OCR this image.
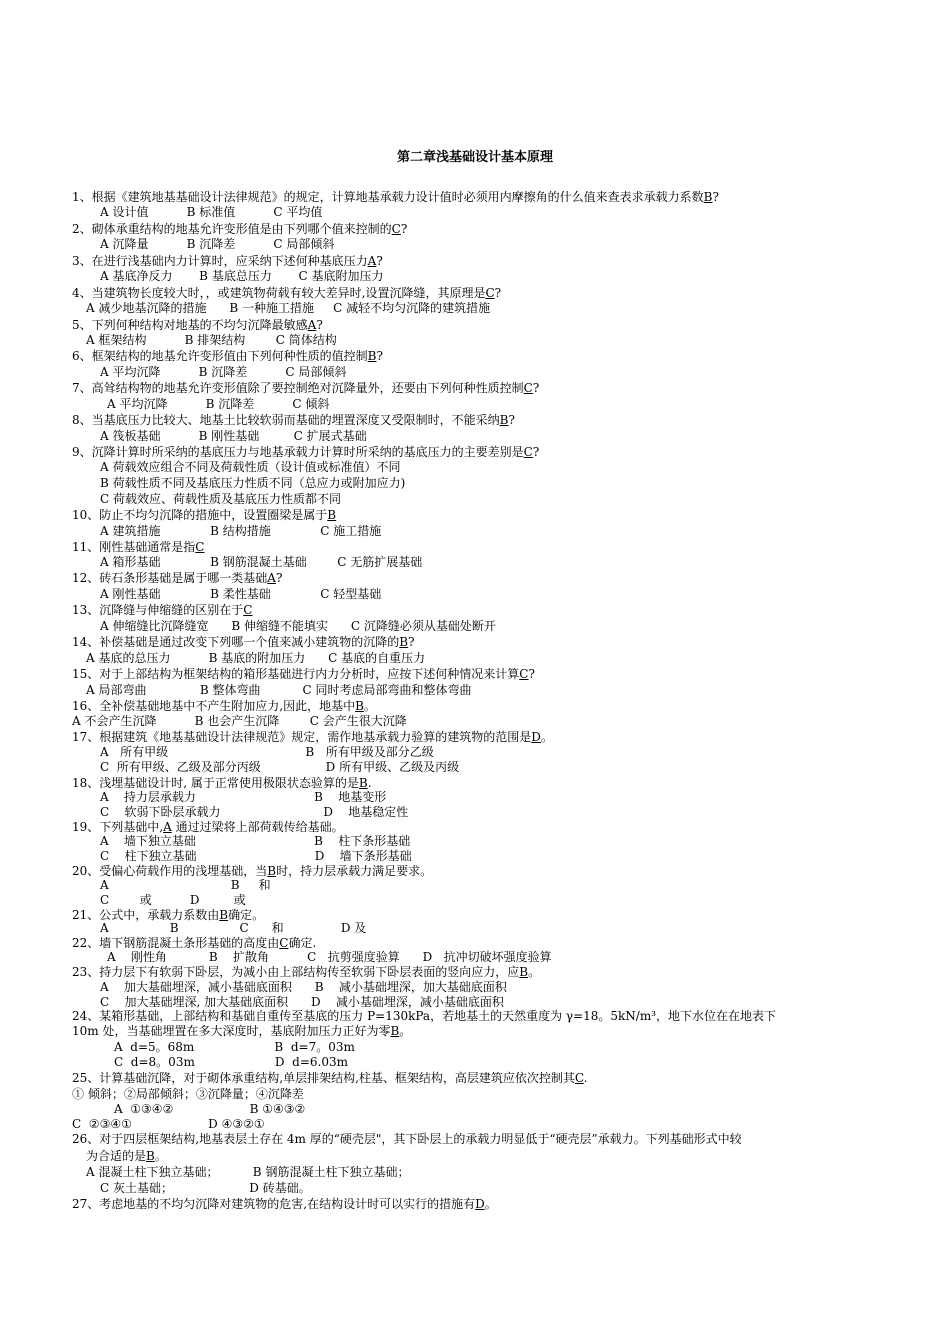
第二章浅基础设计基本原理
1、根据《建筑地基基础设计法律规范》的规定，计算地基承载力设计值时必须用内摩擦角的什么值来查表求承载力系数B?
A 设计值          B 标准值          C 平均值
2、砌体承重结构的地基允许变形值是由下列哪个值来控制的C?
A 沉降量          B 沉降差          C 局部倾斜
3、在进行浅基础内力计算时，应采纳下述何种基底压力A?
A 基底净反力       B 基底总压力       C 基底附加压力
4、当建筑物长度较大时，，或建筑物荷载有较大差异时,设置沉降缝，其原理是C?
A 减少地基沉降的措施      B 一种施工措施     C 减轻不均匀沉降的建筑措施
5、下列何种结构对地基的不均匀沉降最敏感A?
A 框架结构          B 排架结构        C 筒体结构
6、框架结构的地基允许变形值由下列何种性质的值控制B?
A 平均沉降          B 沉降差          C 局部倾斜
7、高耸结构物的地基允许变形值除了要控制绝对沉降量外，还要由下列何种性质控制C?
A 平均沉降          B 沉降差          C 倾斜
8、当基底压力比较大、地基土比较软弱而基础的埋置深度又受限制时，不能采纳B?
A 筏板基础          B 刚性基础         C 扩展式基础
9、沉降计算时所采纳的基底压力与地基承载力计算时所采纳的基底压力的主要差别是C?
A 荷载效应组合不同及荷载性质（设计值或标准值）不同
B 荷载性质不同及基底压力性质不同（总应力或附加应力)
C 荷载效应、荷载性质及基底压力性质都不同
10、防止不均匀沉降的措施中，设置圈梁是属于B
A 建筑措施             B 结构措施             C 施工措施
11、刚性基础通常是指C
A 箱形基础             B 钢筋混凝土基础        C 无筋扩展基础
12、砖石条形基础是属于哪一类基础A?
A 刚性基础             B 柔性基础             C 轻型基础
13、沉降缝与伸缩缝的区别在于C
A 伸缩缝比沉降缝宽      B 伸缩缝不能填实      C 沉降缝必须从基础处断开
14、补偿基础是通过改变下列哪一个值来减小建筑物的沉降的B?
A 基底的总压力          B 基底的附加压力      C 基底的自重压力
15、对于上部结构为框架结构的箱形基础进行内力分析时，应按下述何种情况来计算C?
A 局部弯曲              B 整体弯曲           C 同时考虑局部弯曲和整体弯曲
16、全补偿基础地基中不产生附加应力,因此，地基中B。
A 不会产生沉降          B 也会产生沉降        C 会产生很大沉降
17、根据建筑《地基基础设计法律规范》规定，需作地基承载力验算的建筑物的范围是D。
A   所有甲级                                    B   所有甲级及部分乙级
C  所有甲级、乙级及部分丙级                 D 所有甲级、乙级及丙级
18、浅埋基础设计时, 属于正常使用极限状态验算的是B.
A    持力层承载力                               B    地基变形
C    软弱下卧层承载力                           D    地基稳定性
19、下列基础中,A 通过过梁将上部荷载传给基础。
A    墙下独立基础                               B    柱下条形基础
C    柱下独立基础                               D    墙下条形基础
20、受偏心荷载作用的浅埋基础，当B时，持力层承载力满足要求。
A                                B     和
C        或          D         或
21、公式中，承载力系数由B确定。
A                B                C      和               D 及
22、墙下钢筋混凝土条形基础的高度由C确定.
A    刚性角           B    扩散角          C   抗剪强度验算      D   抗冲切破坏强度验算
23、持力层下有软弱下卧层，为减小由上部结构传至软弱下卧层表面的竖向应力，应B。
A    加大基础埋深，减小基础底面积      B    减小基础埋深，加大基础底面积
C    加大基础埋深, 加大基础底面积      D    减小基础埋深，减小基础底面积
24、某箱形基础，上部结构和基础自重传至基底的压力 P=130kPa，若地基土的天然重度为 γ=18。5kN/m³，地下水位在在地表下
10m 处，当基础埋置在多大深度时，基底附加压力正好为零B。
A  d=5。68m                     B  d=7。03m
C  d=8。03m                     D  d=6.03m
25、计算基础沉降，对于砌体承重结构,单层排架结构,柱基、框架结构，高层建筑应依次控制其C.
① 倾斜；②局部倾斜；③沉降量；④沉降差
A  ①③④②                    B ①④③②
C  ②③④①                    D ④③②①
26、对于四层框架结构,地基表层土存在 4m 厚的“硬壳层"，其下卧层上的承载力明显低于“硬壳层”承载力。下列基础形式中较
为合适的是B。
A 混凝土柱下独立基础；         B 钢筋混凝土柱下独立基础；
C 灰土基础；                    D 砖基础。
27、考虑地基的不均匀沉降对建筑物的危害,在结构设计时可以实行的措施有D。
